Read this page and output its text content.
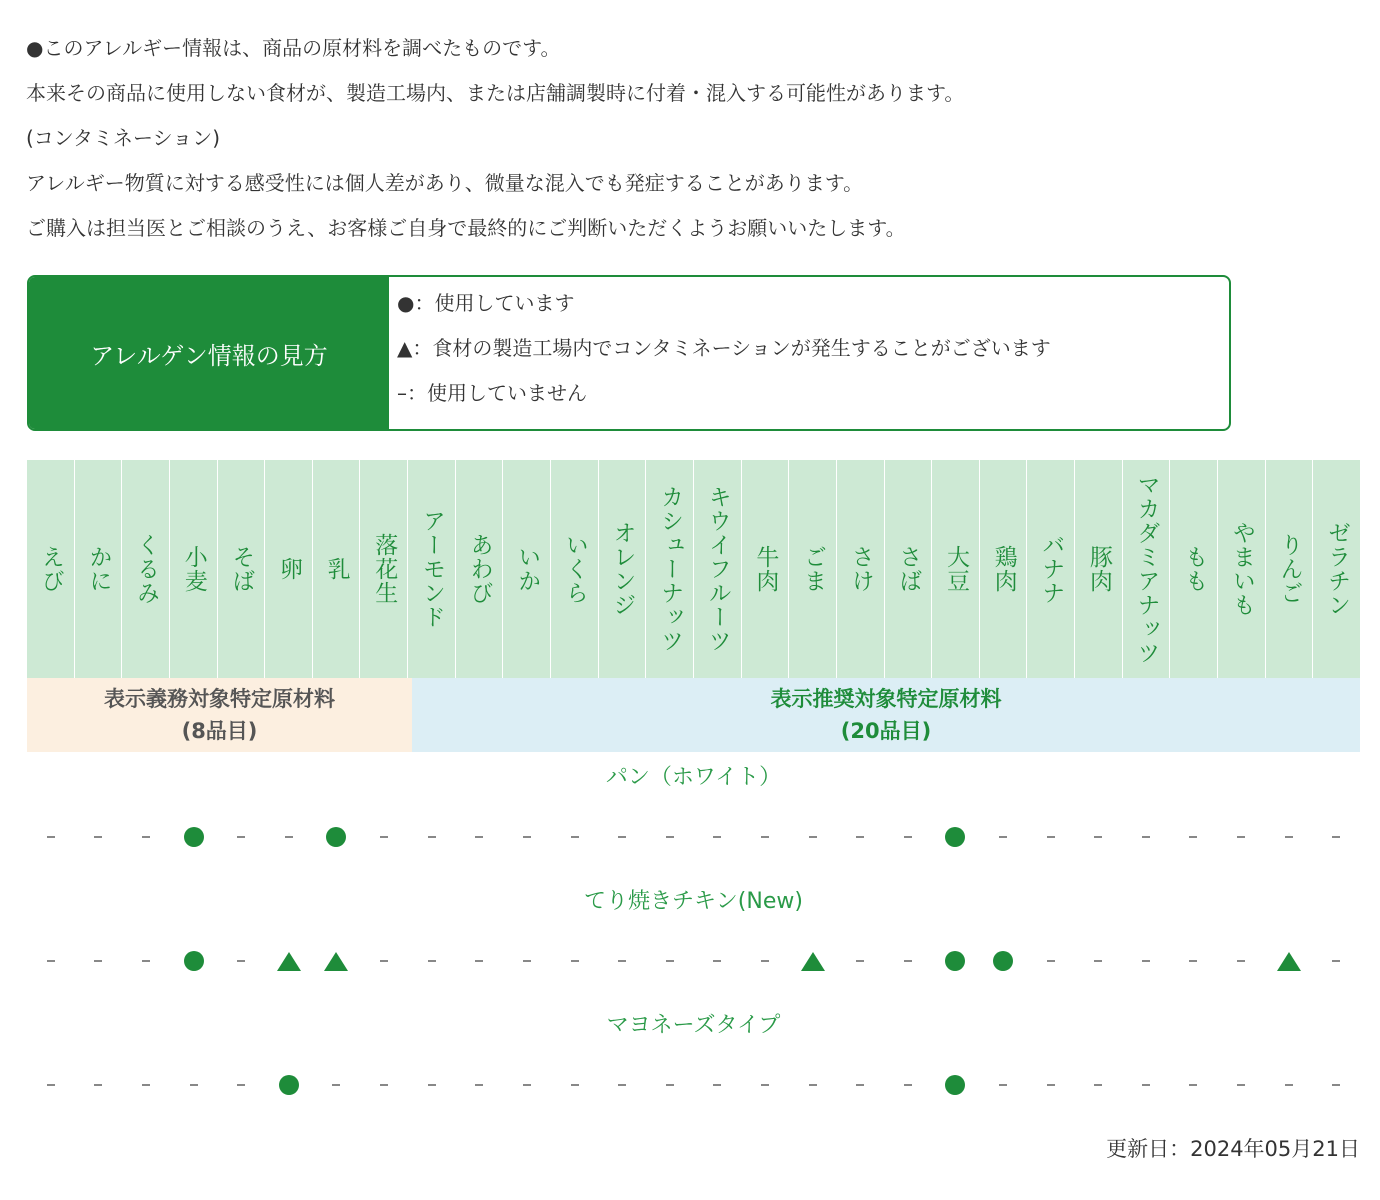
●このアレルギー情報は、商品の原材料を調べたものです。

本来その商品に使用しない食材が、製造工場内、または店舗調製時に付着・混入する可能性があります。

(コンタミネーション)

アレルギー物質に対する感受性には個人差があり、微量な混入でも発症することがあります。

ご購入は担当医とご相談のうえ、お客様ご自身で最終的にご判断いただくようお願いいたします。

アレルゲン情報の見方
●：使用しています
▲：食材の製造工場内でコンタミネーションが発生することがございます
–：使用していません
えび かに くるみ 小麦 そば 卵 乳 落花生 アーモンド あわび いか いくら オレンジ カシューナッツ キウイフルーツ 牛肉 ごま さけ さば 大豆 鶏肉 バナナ 豚肉 マカダミアナッツ もも やまいも りんご ゼラチン
表示義務対象特定原材料
(8品目)
表示推奨対象特定原材料
(20品目)
パン（ホワイト）
てり焼きチキン(New)
マヨネーズタイプ
更新日：2024年05月21日
